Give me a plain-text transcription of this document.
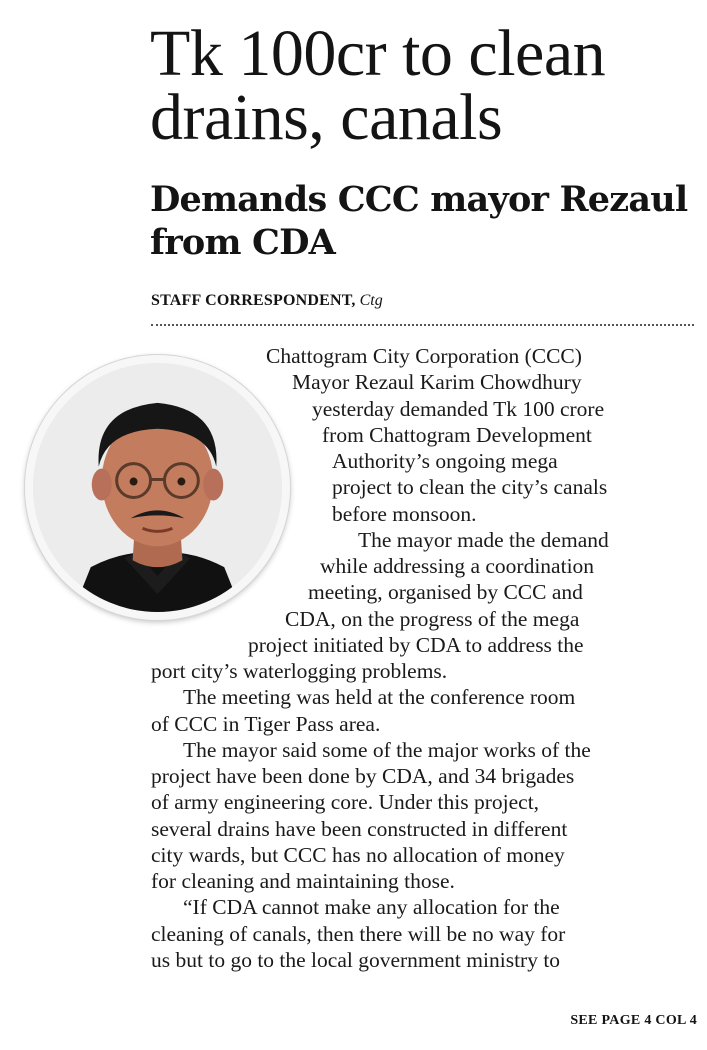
Tk 100cr to clean drains, canals
Demands CCC mayor Rezaul from CDA
STAFF CORRESPONDENT, Ctg
Chattogram City Corporation (CCC)
Mayor Rezaul Karim Chowdhury
yesterday demanded Tk 100 crore
from Chattogram Development
Authority’s ongoing mega
project to clean the city’s canals
before monsoon.
The mayor made the demand
while addressing a coordination
meeting, organised by CCC and
CDA, on the progress of the mega
project initiated by CDA to address the
port city’s waterlogging problems.
The meeting was held at the conference room
of CCC in Tiger Pass area.
The mayor said some of the major works of the
project have been done by CDA, and 34 brigades
of army engineering core. Under this project,
several drains have been constructed in different
city wards, but CCC has no allocation of money
for cleaning and maintaining those.
“If CDA cannot make any allocation for the
cleaning of canals, then there will be no way for
us but to go to the local government ministry to
SEE PAGE 4 COL 4
